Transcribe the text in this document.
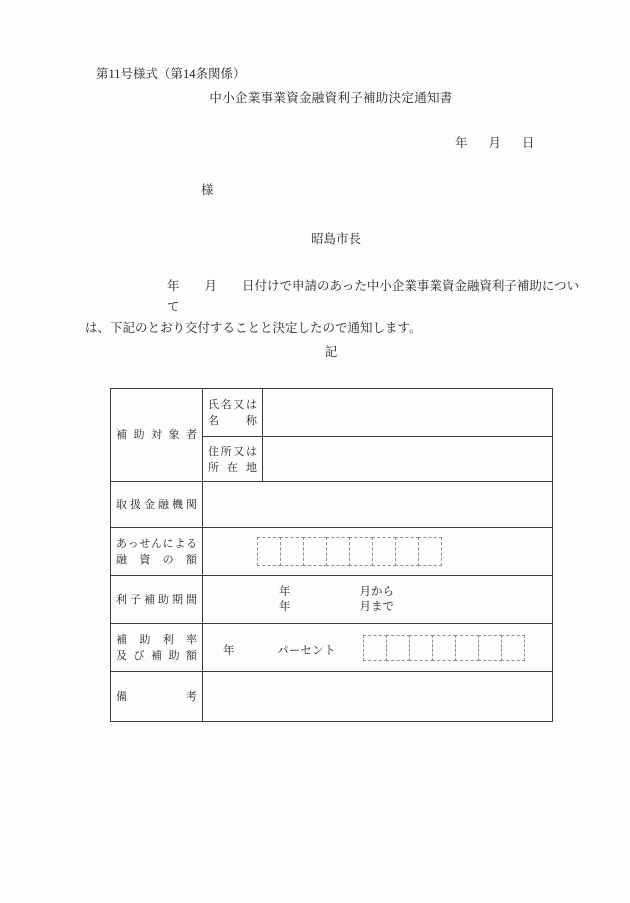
第11号様式（第14条関係）
中小企業事業資金融資利子補助決定通知書
年 月 日
様
昭島市長
年　　月　　日付けで申請のあった中小企業事業資金融資利子補助について
は、下記のとおり交付することと決定したので通知します。
記
補 助 対 象 者
氏名又は
名 称
住所又は
所 在 地
取 扱 金 融 機 関
あっせんによる
融 資 の 額
利 子 補 助 期 間
年　　　　　　月から
年　　　　　　月まで
補 助 利 率
及 び 補 助 額 年	パーセント
備 考
